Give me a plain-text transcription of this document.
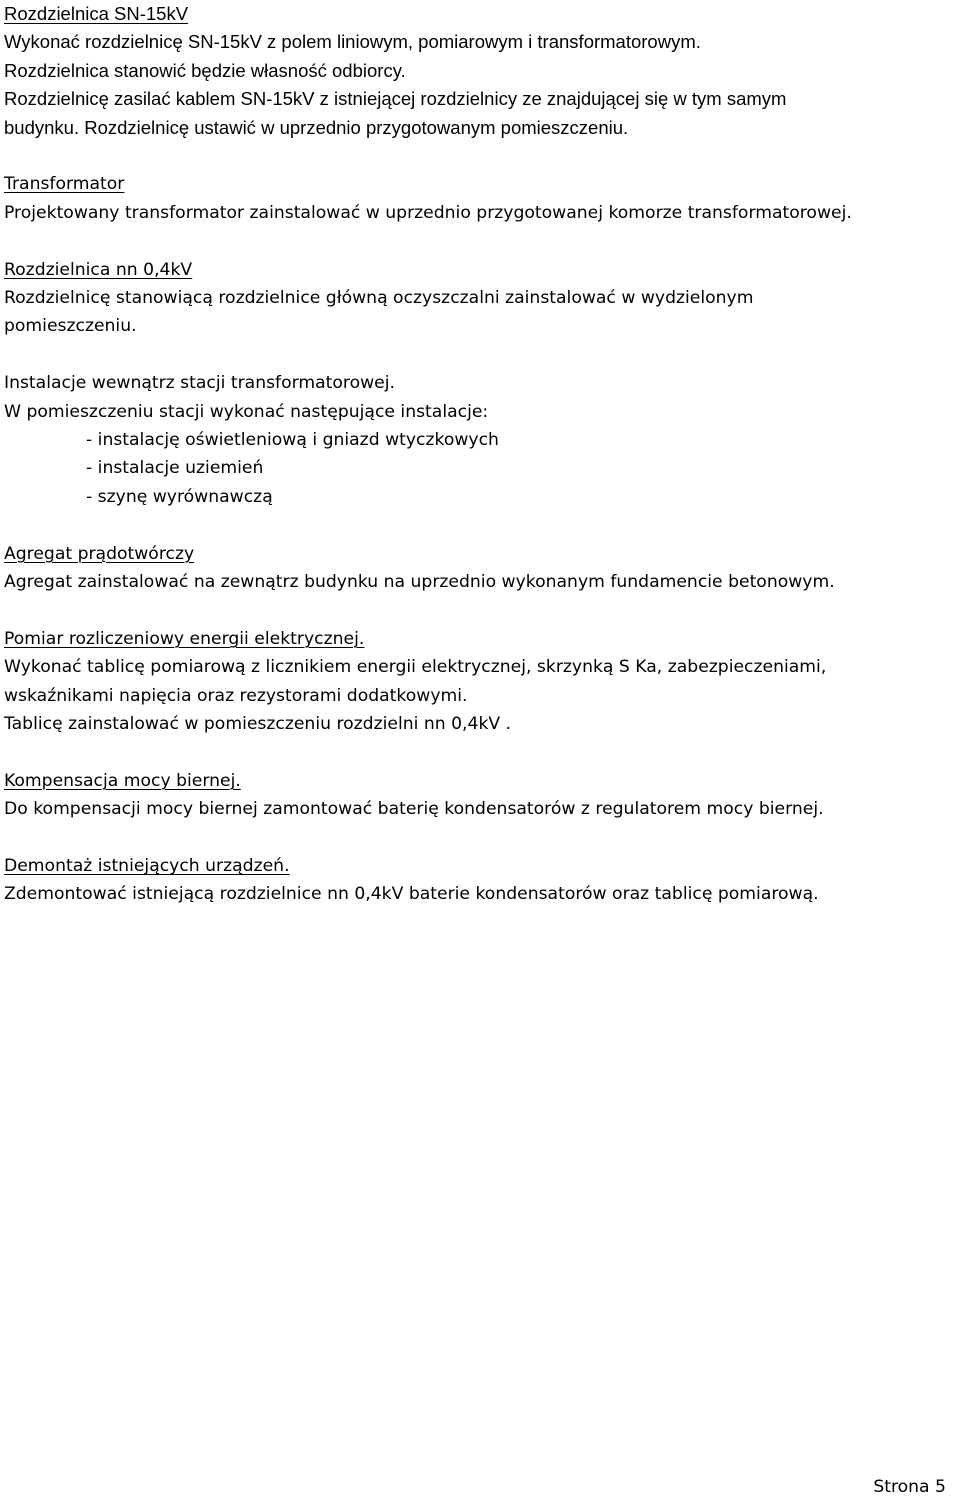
Rozdzielnica SN-15kV
Wykonać rozdzielnicę SN-15kV z polem liniowym, pomiarowym i transformatorowym.
Rozdzielnica stanowić będzie własność odbiorcy.
Rozdzielnicę zasilać kablem SN-15kV z istniejącej rozdzielnicy ze znajdującej się w tym samym
budynku. Rozdzielnicę ustawić w uprzednio przygotowanym pomieszczeniu.
Transformator
Projektowany transformator zainstalować w uprzednio przygotowanej komorze transformatorowej.
Rozdzielnica nn 0,4kV
Rozdzielnicę stanowiącą rozdzielnice główną oczyszczalni zainstalować w wydzielonym
pomieszczeniu.
Instalacje wewnątrz stacji transformatorowej.
W pomieszczeniu stacji wykonać następujące instalacje:
- instalację oświetleniową i gniazd wtyczkowych
- instalacje uziemień
- szynę wyrównawczą
Agregat prądotwórczy
Agregat zainstalować na zewnątrz budynku na uprzednio wykonanym fundamencie betonowym.
Pomiar rozliczeniowy energii elektrycznej.
Wykonać tablicę pomiarową z licznikiem energii elektrycznej, skrzynką S Ka, zabezpieczeniami,
wskaźnikami napięcia oraz rezystorami dodatkowymi.
Tablicę zainstalować w pomieszczeniu rozdzielni nn 0,4kV .
Kompensacja mocy biernej.
Do kompensacji mocy biernej zamontować baterię kondensatorów z regulatorem mocy biernej.
Demontaż istniejących urządzeń.
Zdemontować istniejącą rozdzielnice nn 0,4kV baterie kondensatorów oraz tablicę pomiarową.
Strona 5
